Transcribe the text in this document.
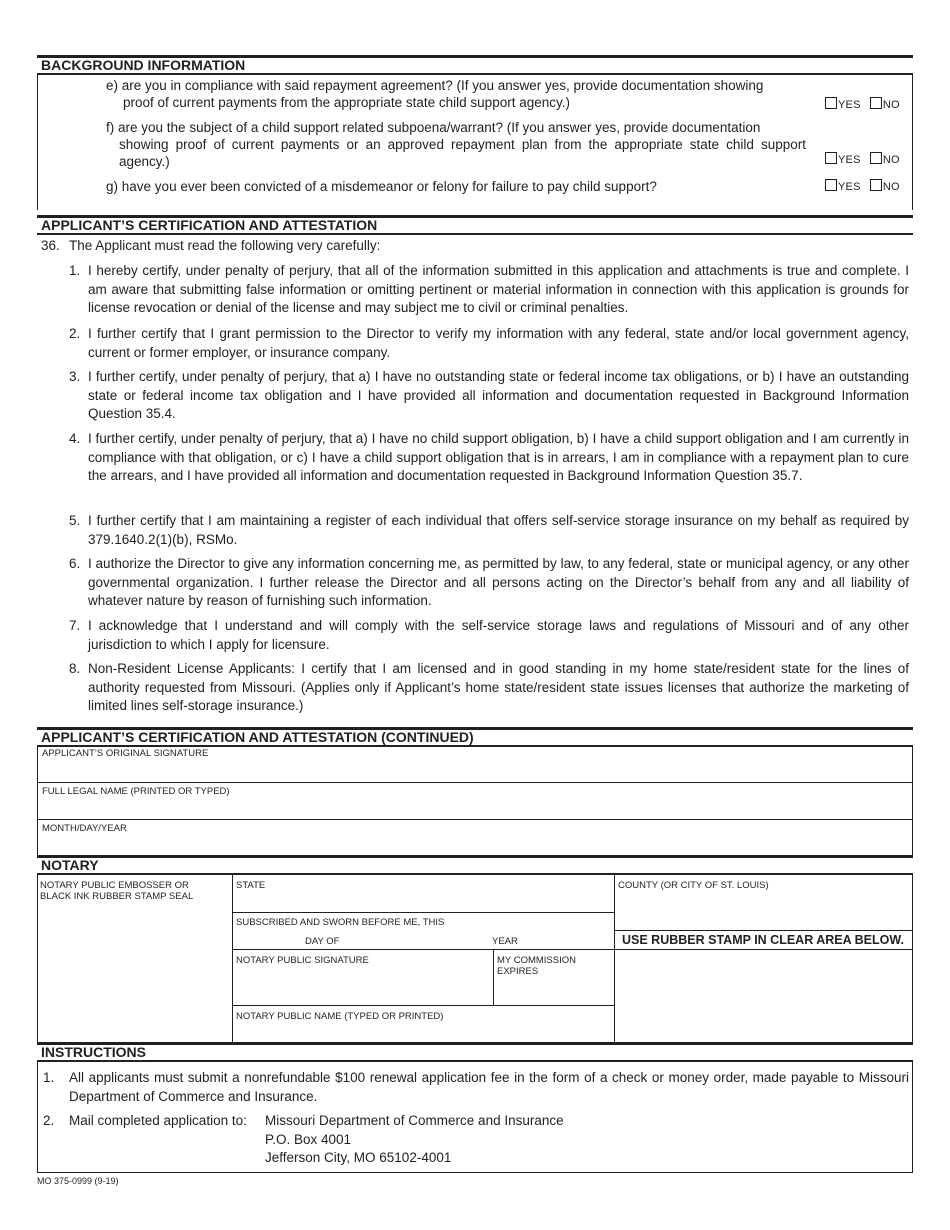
BACKGROUND INFORMATION
e) are you in compliance with said repayment agreement? (If you answer yes, provide documentation showing
proof of current payments from the appropriate state child support agency.)	YES NO
f) are you the subject of a child support related subpoena/warrant? (If you answer yes, provide documentation
showing proof of current payments or an approved repayment plan from the appropriate state child support agency.)	YES NO
g) have you ever been convicted of a misdemeanor or felony for failure to pay child support?	YES NO
APPLICANT’S CERTIFICATION AND ATTESTATION
36. The Applicant must read the following very carefully:
1. I hereby certify, under penalty of perjury, that all of the information submitted in this application and attachments is true and complete. I am aware that submitting false information or omitting pertinent or material information in connection with this application is grounds for license revocation or denial of the license and may subject me to civil or criminal penalties.
2. I further certify that I grant permission to the Director to verify my information with any federal, state and/or local government agency, current or former employer, or insurance company.
3. I further certify, under penalty of perjury, that a) I have no outstanding state or federal income tax obligations, or b) I have an outstanding state or federal income tax obligation and I have provided all information and documentation requested in Background Information Question 35.4.
4. I further certify, under penalty of perjury, that a) I have no child support obligation, b) I have a child support obligation and I am currently in compliance with that obligation, or c) I have a child support obligation that is in arrears, I am in compliance with a repayment plan to cure the arrears, and I have provided all information and documentation requested in Background Information Question 35.7.
5. I further certify that I am maintaining a register of each individual that offers self-service storage insurance on my behalf as required by 379.1640.2(1)(b), RSMo.
6. I authorize the Director to give any information concerning me, as permitted by law, to any federal, state or municipal agency, or any other governmental organization. I further release the Director and all persons acting on the Director’s behalf from any and all liability of whatever nature by reason of furnishing such information.
7. I acknowledge that I understand and will comply with the self-service storage laws and regulations of Missouri and of any other jurisdiction to which I apply for licensure.
8. Non-Resident License Applicants: I certify that I am licensed and in good standing in my home state/resident state for the lines of authority requested from Missouri. (Applies only if Applicant’s home state/resident state issues licenses that authorize the marketing of limited lines self-storage insurance.)
APPLICANT’S CERTIFICATION AND ATTESTATION (CONTINUED)
APPLICANT’S ORIGINAL SIGNATURE
FULL LEGAL NAME (PRINTED OR TYPED)
MONTH/DAY/YEAR
NOTARY
NOTARY PUBLIC EMBOSSER OR
BLACK INK RUBBER STAMP SEAL
STATE	COUNTY (OR CITY OF ST. LOUIS)
SUBSCRIBED AND SWORN BEFORE ME, THIS
DAY OF	YEAR	USE RUBBER STAMP IN CLEAR AREA BELOW.
NOTARY PUBLIC SIGNATURE	MY COMMISSION
EXPIRES
NOTARY PUBLIC NAME (TYPED OR PRINTED)
INSTRUCTIONS
1. All applicants must submit a nonrefundable $100 renewal application fee in the form of a check or money order, made payable to Missouri Department of Commerce and Insurance.
2. Mail completed application to: Missouri Department of Commerce and Insurance
P.O. Box 4001
Jefferson City, MO 65102-4001
MO 375-0999 (9-19)
